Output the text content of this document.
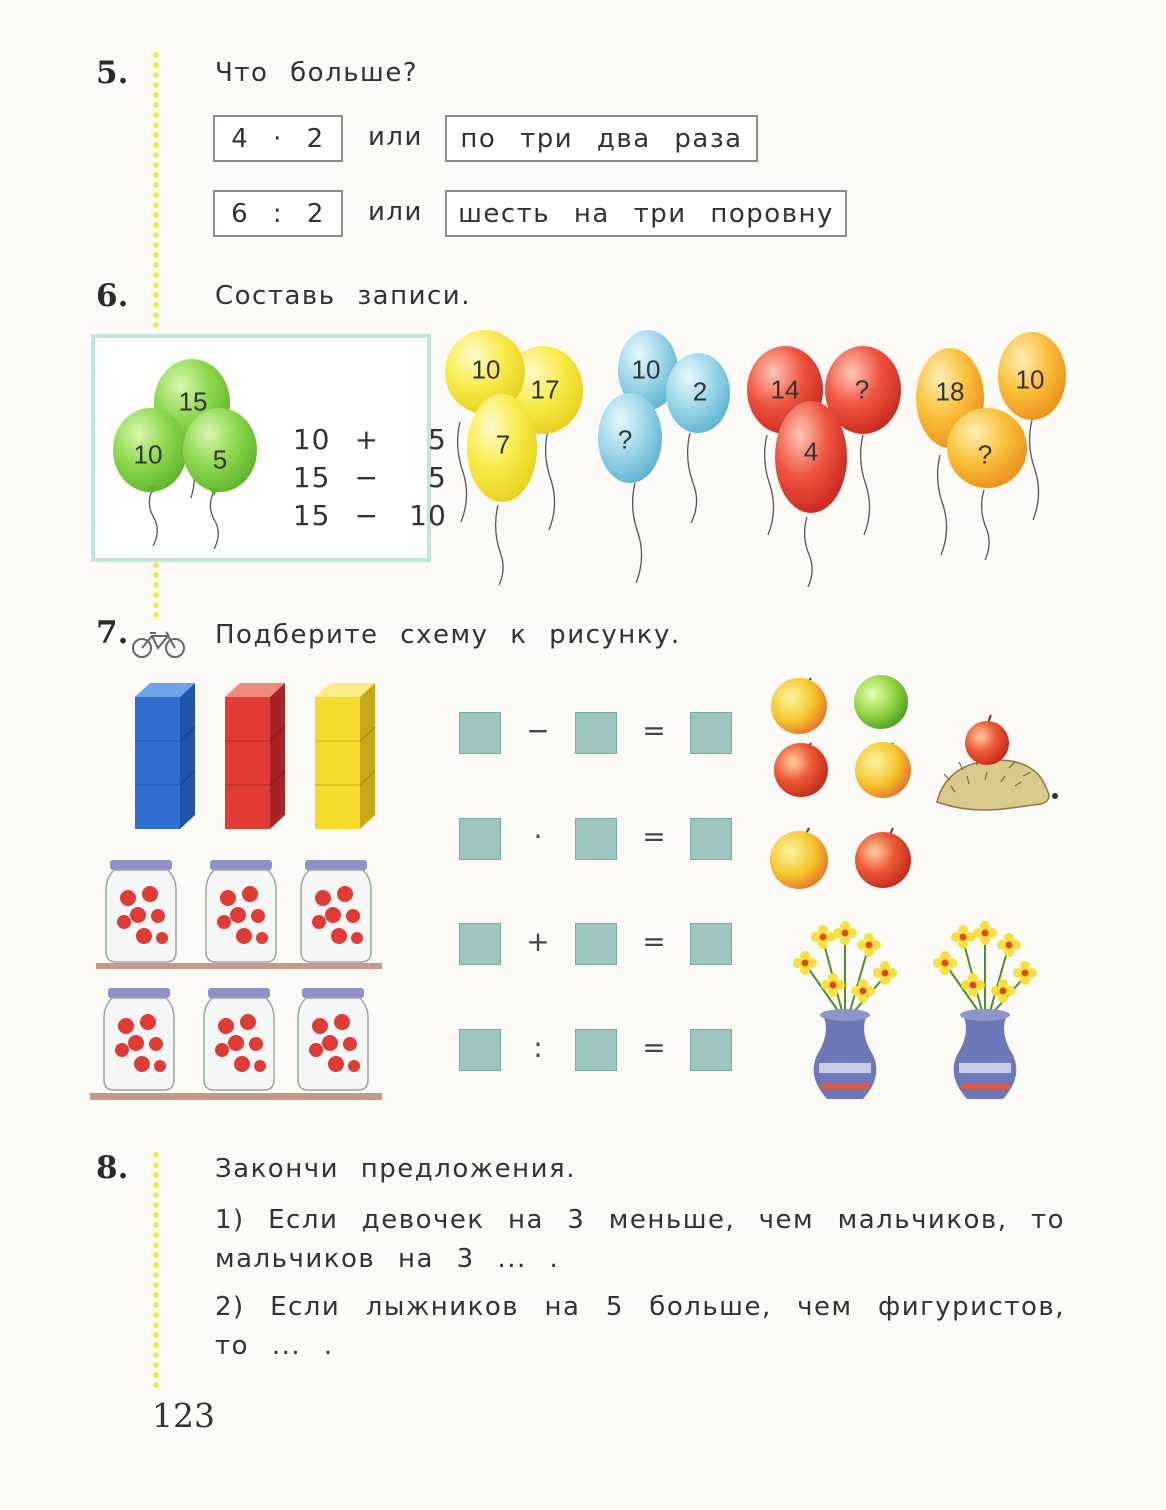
5.	Что больше?
4 · 2	или	по три два раза
6 : 2	или	шесть на три поровну
6.	Составь записи.
15
10 5

10 + 5

15 − 5

15 − 10

10
17
7
10
2
?
14 ?
4
18 10
?
7.	Подберите схему к рисунку.
−	=
·	=
+	=
:	=
8.	Закончи предложения.
1) Если девочек на 3 меньше, чем мальчиков, то мальчиков на 3 ... .
2) Если лыжников на 5 больше, чем фигуристов, то ... .
123
